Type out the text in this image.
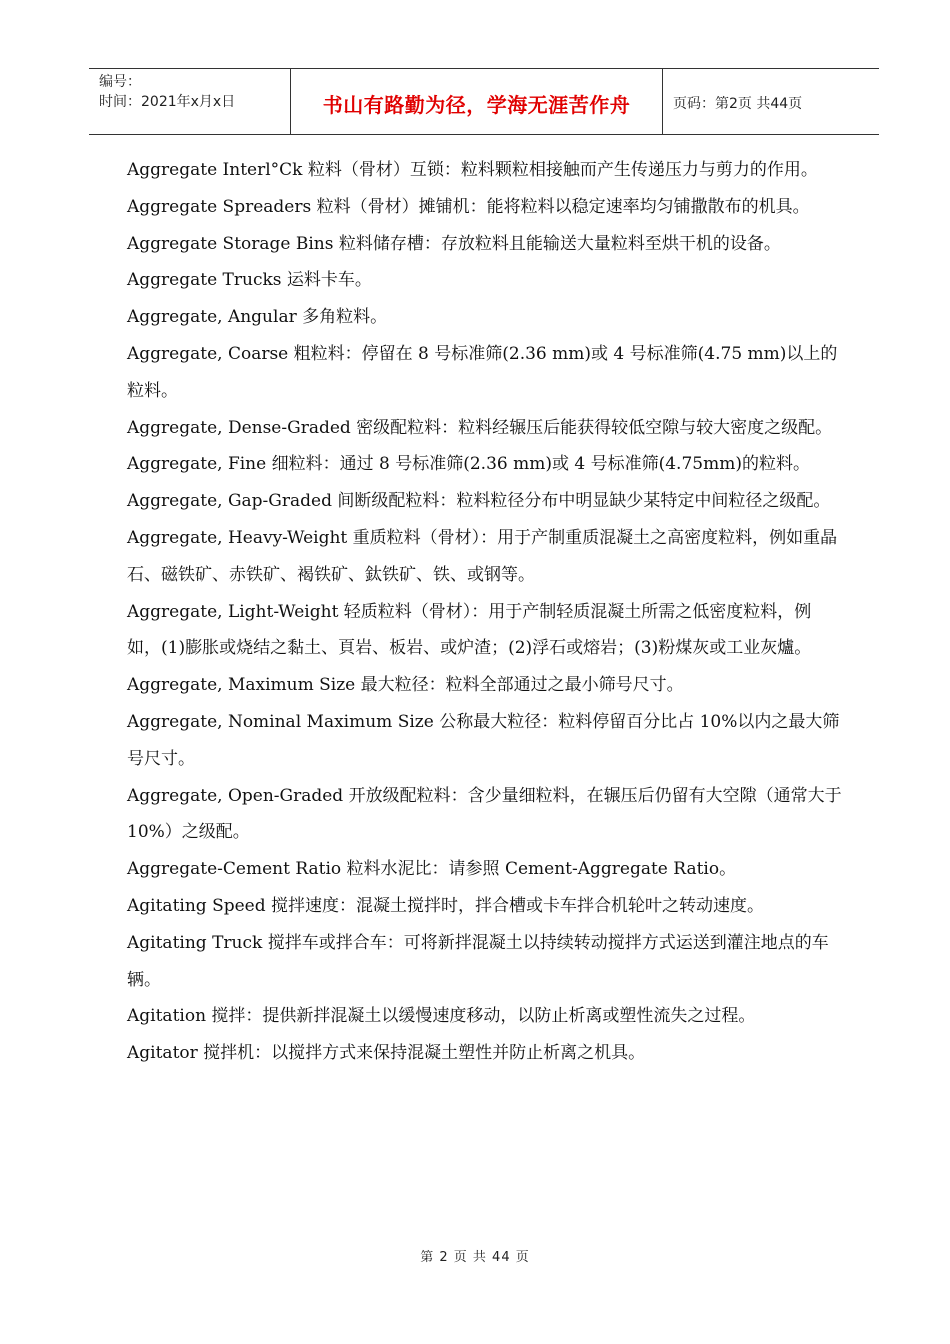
编号：
时间：2021年x月x日	书山有路勤为径，学海无涯苦作舟	页码：第2页 共44页

Aggregate Interl°Ck 粒料（骨材）互锁：粒料颗粒相接触而产生传递压力与剪力的作用。

Aggregate Spreaders 粒料（骨材）摊铺机：能将粒料以稳定速率均匀铺撒散布的机具。

Aggregate Storage Bins 粒料储存槽：存放粒料且能输送大量粒料至烘干机的设备。

Aggregate Trucks 运料卡车。

Aggregate, Angular 多角粒料。

Aggregate, Coarse 粗粒料：停留在 8 号标准筛(2.36 mm)或 4 号标准筛(4.75 mm)以上的粒料。

Aggregate, Dense-Graded 密级配粒料：粒料经辗压后能获得较低空隙与较大密度之级配。

Aggregate, Fine 细粒料：通过 8 号标准筛(2.36 mm)或 4 号标准筛(4.75mm)的粒料。

Aggregate, Gap-Graded 间断级配粒料：粒料粒径分布中明显缺少某特定中间粒径之级配。

Aggregate, Heavy-Weight 重质粒料（骨材）：用于产制重质混凝土之高密度粒料，例如重晶石、磁铁矿、赤铁矿、褐铁矿、鈦铁矿、铁、或钢等。

Aggregate, Light-Weight 轻质粒料（骨材）：用于产制轻质混凝土所需之低密度粒料，例如，(1)膨胀或烧结之黏土、頁岩、板岩、或炉渣；(2)浮石或熔岩；(3)粉煤灰或工业灰爐。

Aggregate, Maximum Size 最大粒径：粒料全部通过之最小筛号尺寸。

Aggregate, Nominal Maximum Size 公称最大粒径：粒料停留百分比占 10%以内之最大筛号尺寸。

Aggregate, Open-Graded 开放级配粒料：含少量细粒料，在辗压后仍留有大空隙（通常大于 10%）之级配。

Aggregate-Cement Ratio 粒料水泥比：请参照 Cement-Aggregate Ratio。

Agitating Speed 搅拌速度：混凝土搅拌时，拌合槽或卡车拌合机轮叶之转动速度。

Agitating Truck 搅拌车或拌合车：可将新拌混凝土以持续转动搅拌方式运送到灌注地点的车辆。

Agitation 搅拌：提供新拌混凝土以缓慢速度移动，以防止析离或塑性流失之过程。

Agitator 搅拌机：以搅拌方式来保持混凝土塑性并防止析离之机具。

第 2 页 共 44 页
